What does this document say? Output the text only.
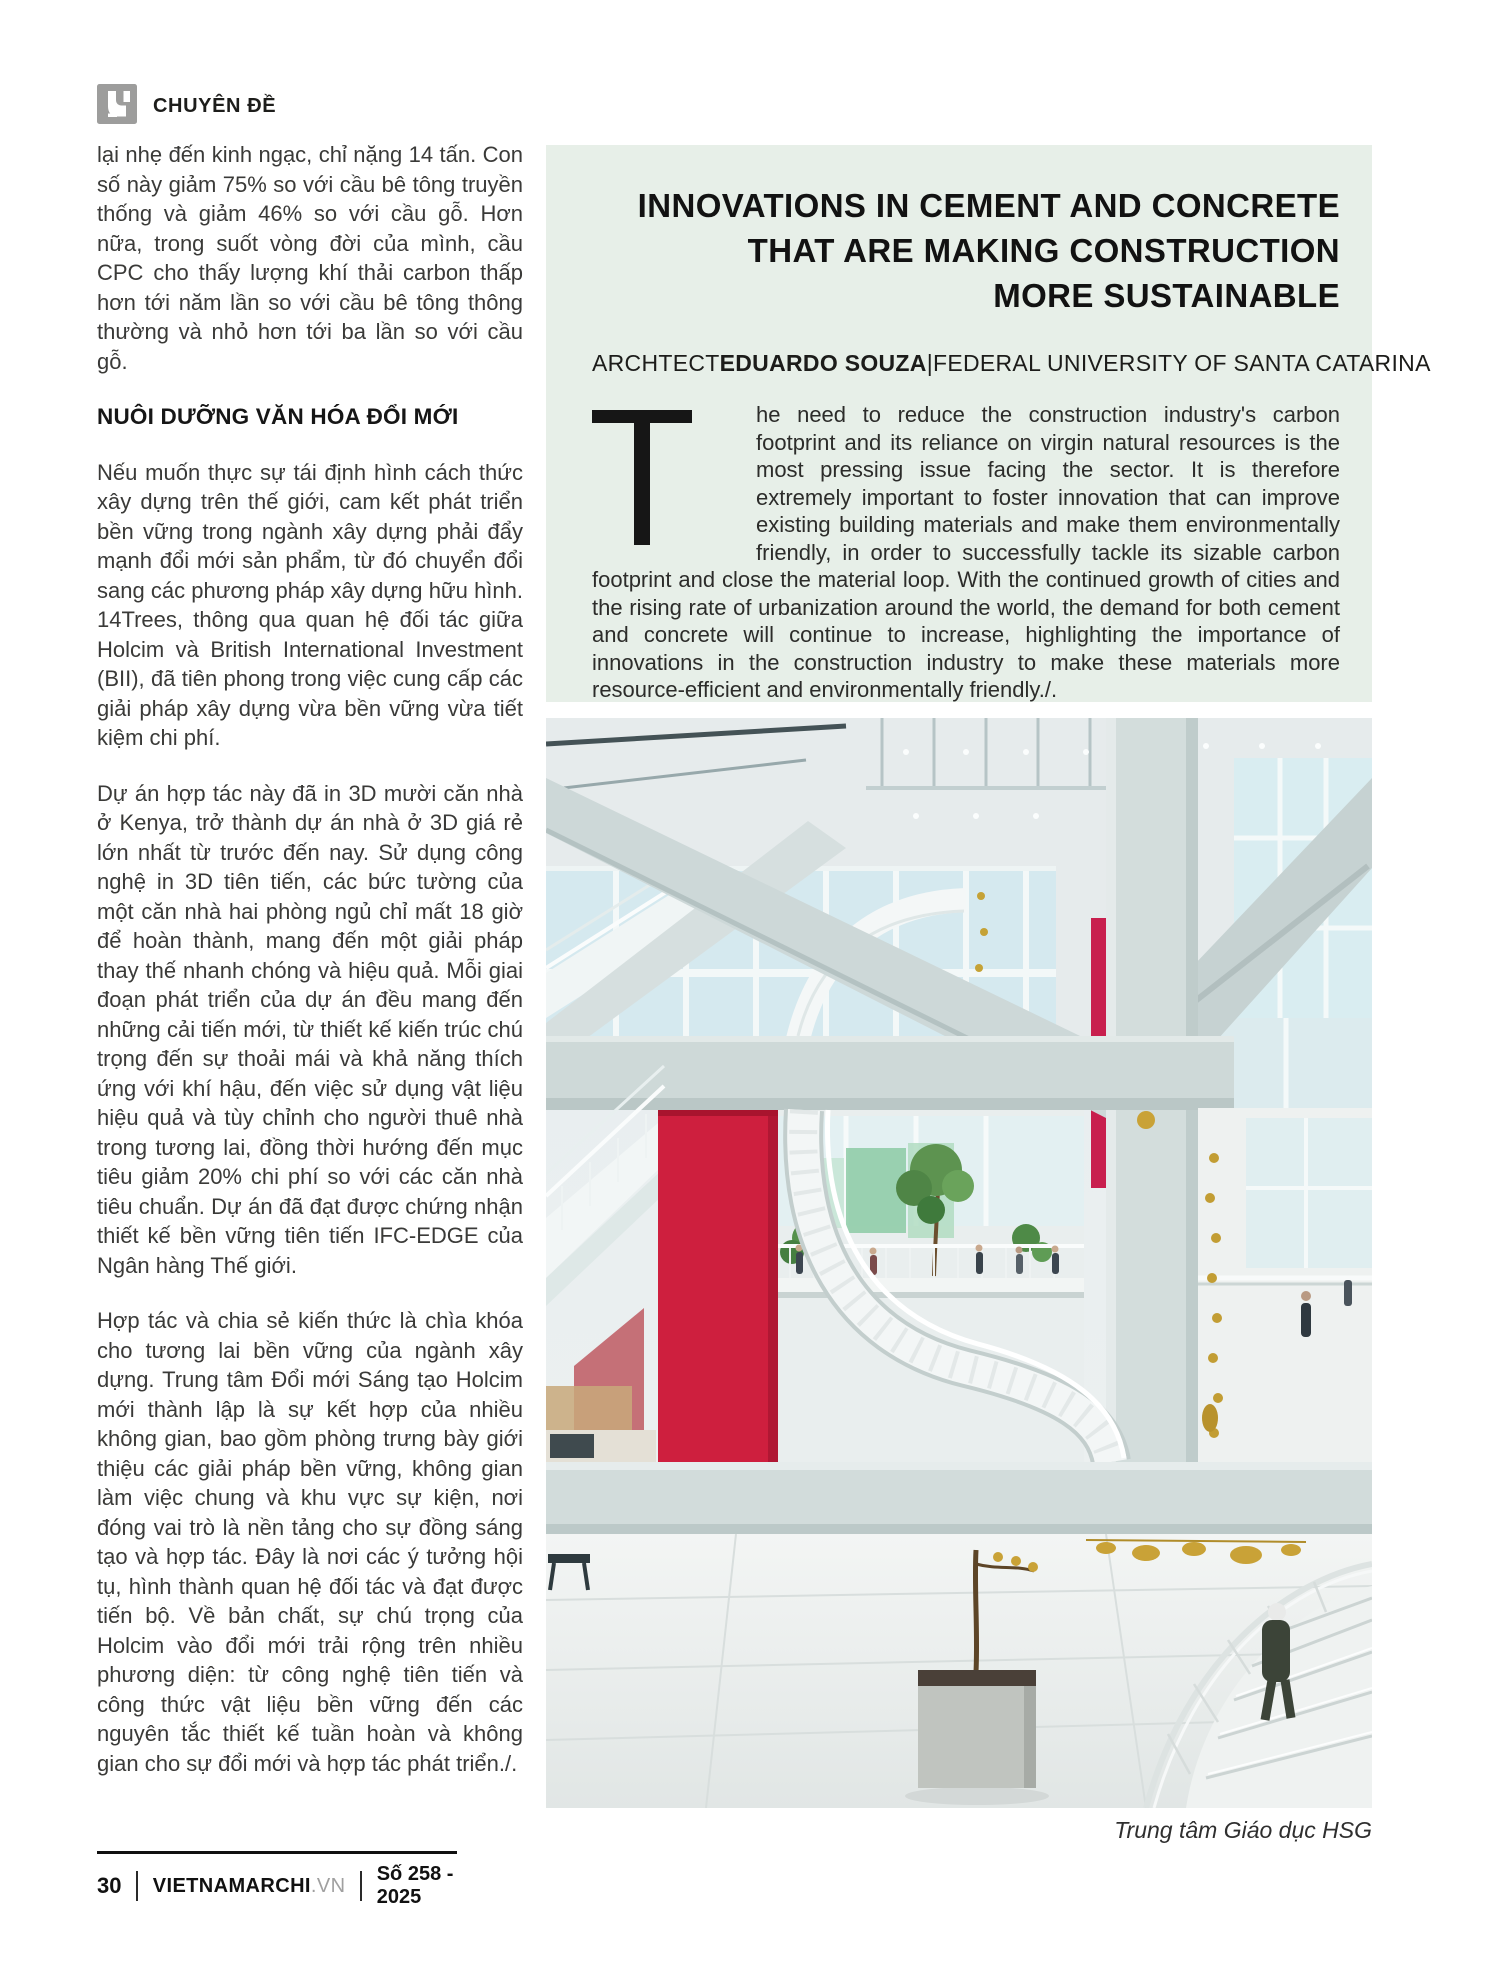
CHUYÊN ĐỀ

lại nhẹ đến kinh ngạc, chỉ nặng 14 tấn. Con số này giảm 75% so với cầu bê tông truyền thống và giảm 46% so với cầu gỗ. Hơn nữa, trong suốt vòng đời của mình, cầu CPC cho thấy lượng khí thải carbon thấp hơn tới năm lần so với cầu bê tông thông thường và nhỏ hơn tới ba lần so với cầu gỗ.

NUÔI DƯỠNG VĂN HÓA ĐỔI MỚI

Nếu muốn thực sự tái định hình cách thức xây dựng trên thế giới, cam kết phát triển bền vững trong ngành xây dựng phải đẩy mạnh đổi mới sản phẩm, từ đó chuyển đổi sang các phương pháp xây dựng hữu hình. 14Trees, thông qua quan hệ đối tác giữa Holcim và British International Investment (BII), đã tiên phong trong việc cung cấp các giải pháp xây dựng vừa bền vững vừa tiết kiệm chi phí.

Dự án hợp tác này đã in 3D mười căn nhà ở Kenya, trở thành dự án nhà ở 3D giá rẻ lớn nhất từ trước đến nay. Sử dụng công nghệ in 3D tiên tiến, các bức tường của một căn nhà hai phòng ngủ chỉ mất 18 giờ để hoàn thành, mang đến một giải pháp thay thế nhanh chóng và hiệu quả. Mỗi giai đoạn phát triển của dự án đều mang đến những cải tiến mới, từ thiết kế kiến trúc chú trọng đến sự thoải mái và khả năng thích ứng với khí hậu, đến việc sử dụng vật liệu hiệu quả và tùy chỉnh cho người thuê nhà trong tương lai, đồng thời hướng đến mục tiêu giảm 20% chi phí so với các căn nhà tiêu chuẩn. Dự án đã đạt được chứng nhận thiết kế bền vững tiên tiến IFC-EDGE của Ngân hàng Thế giới.

Hợp tác và chia sẻ kiến thức là chìa khóa cho tương lai bền vững của ngành xây dựng. Trung tâm Đổi mới Sáng tạo Holcim mới thành lập là sự kết hợp của nhiều không gian, bao gồm phòng trưng bày giới thiệu các giải pháp bền vững, không gian làm việc chung và khu vực sự kiện, nơi đóng vai trò là nền tảng cho sự đồng sáng tạo và hợp tác. Đây là nơi các ý tưởng hội tụ, hình thành quan hệ đối tác và đạt được tiến bộ. Về bản chất, sự chú trọng của Holcim vào đổi mới trải rộng trên nhiều phương diện: từ công nghệ tiên tiến và công thức vật liệu bền vững đến các nguyên tắc thiết kế tuần hoàn và không gian cho sự đổi mới và hợp tác phát triển./.

INNOVATIONS IN CEMENT AND CONCRETE
THAT ARE MAKING CONSTRUCTION
MORE SUSTAINABLE
ARCHTECT EDUARDO SOUZA | FEDERAL UNIVERSITY OF SANTA CATARINA
he need to reduce the construction industry's carbon footprint and its reliance on virgin natural resources is the most pressing issue facing the sector. It is therefore extremely important to foster innovation that can improve existing building materials and make them environmentally friendly, in order to successfully tackle its sizable carbon footprint and close the material loop. With the continued growth of cities and the rising rate of urbanization around the world, the demand for both cement and concrete will continue to increase, highlighting the importance of innovations in the construction industry to make these materials more resource-efficient and environmentally friendly./.
Trung tâm Giáo dục HSG
30 VIETNAMARCHI.VN
Số 258 - 2025
